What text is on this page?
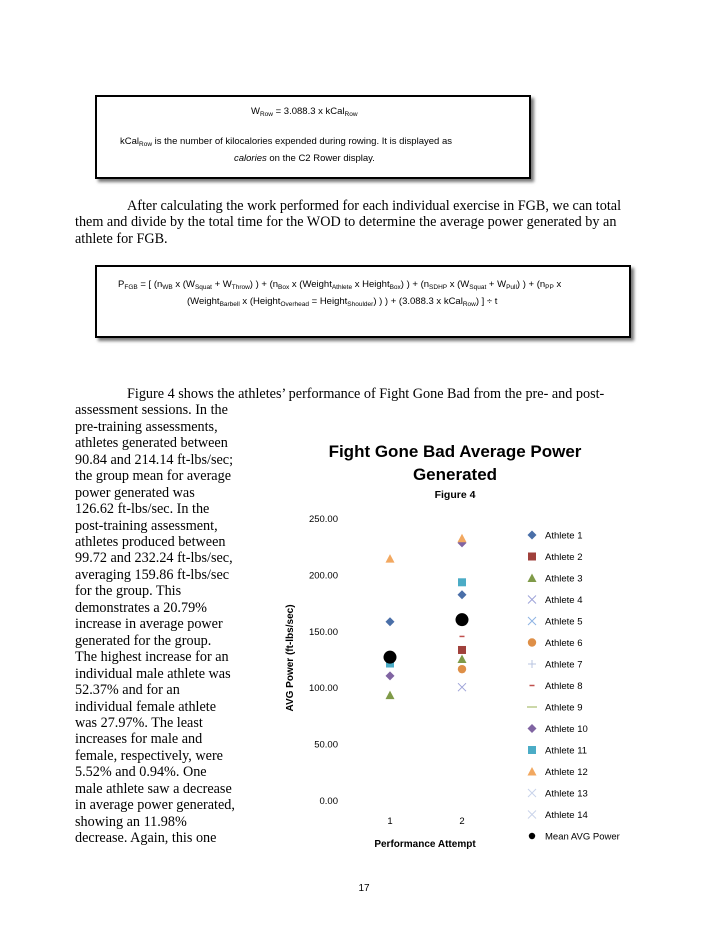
$W_{Row} = 3.088.3$ x kCal$_{Row}$
kCal$_{Row}$ is the number of kilocalories expended during rowing. It is displayed as
calories on the C2 Rower display.
After calculating the work performed for each individual exercise in FGB, we can total them and divide by the total time for the WOD to determine the average power generated by an athlete for FGB.
$P_{FGB}$ = [ ($n_{WB}$ x $(W_{Squat} + W_{Throw})$ ) + ($n_{Box}$ x (Weight$_{Athlete}$ x Height$_{Box}$) ) + ($n_{SDHP}$ x $(W_{Squat} + W_{Pull})$ ) + ($n_{PP}$ x
(Weight$_{Barbell}$ x (Height$_{Overhead}$ = Height$_{Shoulder}$) ) ) + (3.088.3 x kCal$_{Row}$) ] ÷ t
Figure 4 shows the athletes’ performance of Fight Gone Bad from the pre- and post-
assessment sessions. In the
pre-training assessments,
athletes generated between
90.84 and 214.14 ft-lbs/sec;
the group mean for average
power generated was
126.62 ft-lbs/sec. In the
post-training assessment,
athletes produced between
99.72 and 232.24 ft-lbs/sec,
averaging 159.86 ft-lbs/sec
for the group. This
demonstrates a 20.79%
increase in average power
generated for the group.
The highest increase for an
individual male athlete was
52.37% and for an
individual female athlete
was 27.97%. The least
increases for male and
female, respectively, were
5.52% and 0.94%. One
male athlete saw a decrease
in average power generated,
showing an 11.98%
decrease. Again, this one
Fight Gone Bad Average Power Generated
Figure 4
0.00
50.00
100.00
150.00
200.00
250.00
1	2
AVG Power (ft-lbs/sec)
Performance Attempt
Athlete 1
Athlete 2
Athlete 3
Athlete 4
Athlete 5
Athlete 6
Athlete 7
Athlete 8
Athlete 9
Athlete 10
Athlete 11
Athlete 12
Athlete 13
Athlete 14
Mean AVG Power
17
